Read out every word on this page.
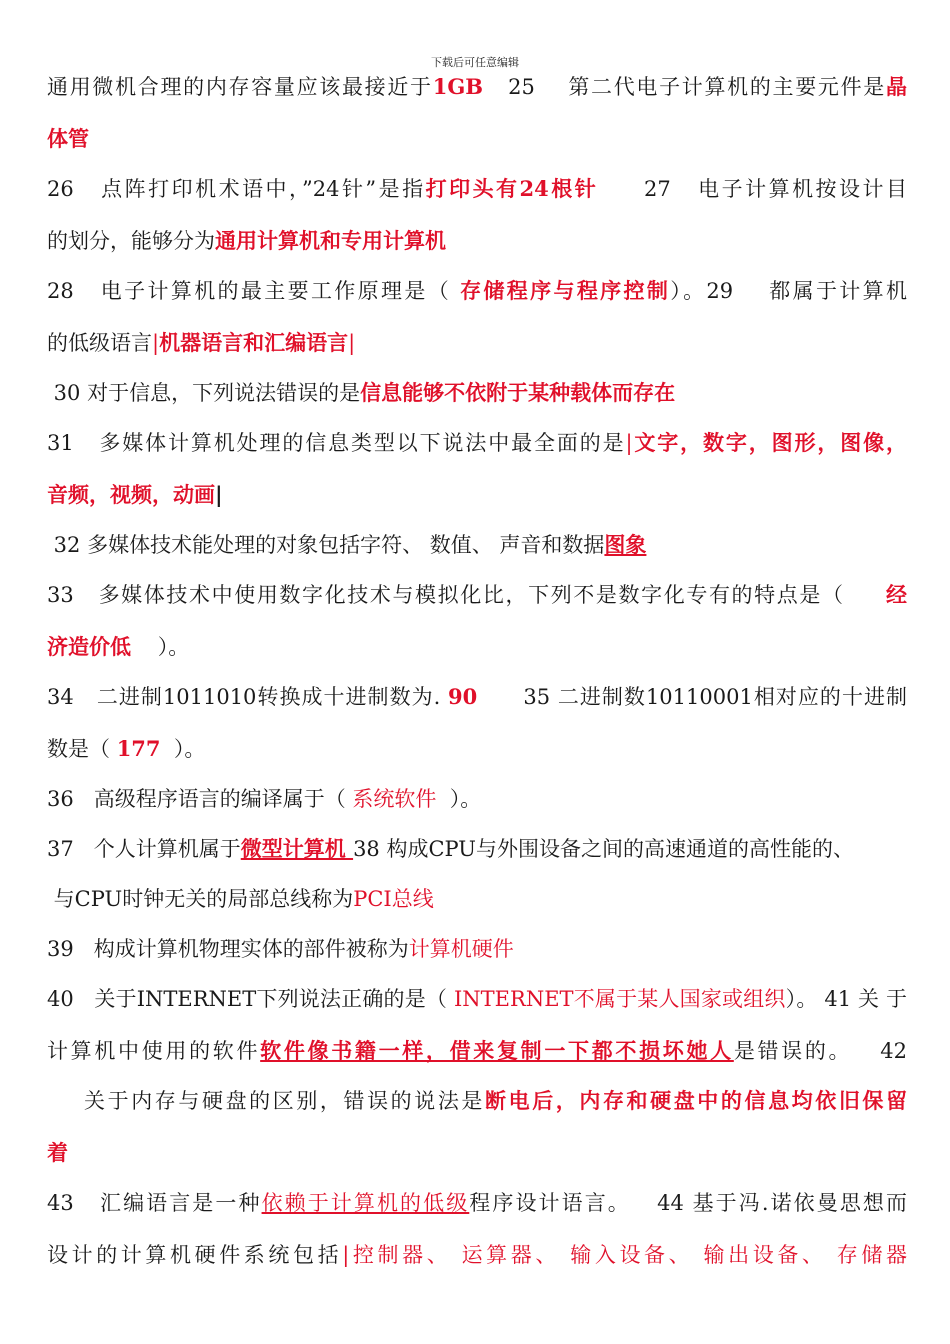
下载后可任意编辑
通用微机合理的内存容量应该最接近于1GB   25    第二代电子计算机的主要元件是晶
体管
26   点阵打印机术语中，”24针”是指打印头有24根针     27   电子计算机按设计目
的划分，能够分为通用计算机和专用计算机
28   电子计算机的最主要工作原理是（ 存储程序与程序控制）。29    都属于计算机
的低级语言|机器语言和汇编语言|
30 对于信息，下列说法错误的是信息能够不依附于某种载体而存在
31   多媒体计算机处理的信息类型以下说法中最全面的是|文字，数字，图形，图像，
音频，视频，动画|
32 多媒体技术能处理的对象包括字符、 数值、 声音和数据图象
33   多媒体技术中使用数字化技术与模拟化比，下列不是数字化专有的特点是（     经
济造价低    ）。
34   二进制1011010转换成十进制数为. 90      35 二进制数10110001相对应的十进制
数是（ 177  ）。
36   高级程序语言的编译属于（ 系统软件  ）。
37   个人计算机属于微型计算机 38 构成CPU与外围设备之间的高速通道的高性能的、
与CPU时钟无关的局部总线称为PCI总线
39   构成计算机物理实体的部件被称为计算机硬件
40   关于INTERNET下列说法正确的是（ INTERNET不属于某人国家或组织）。 41 关 于
计算机中使用的软件软件像书籍一样，借来复制一下都不损坏她人是错误的。   42
关于内存与硬盘的区别，错误的说法是断电后，内存和硬盘中的信息均依旧保留
着
43   汇编语言是一种依赖于计算机的低级程序设计语言。   44 基于冯.诺依曼思想而
设计的计算机硬件系统包括|控制器、 运算器、 输入设备、 输出设备、 存储器
